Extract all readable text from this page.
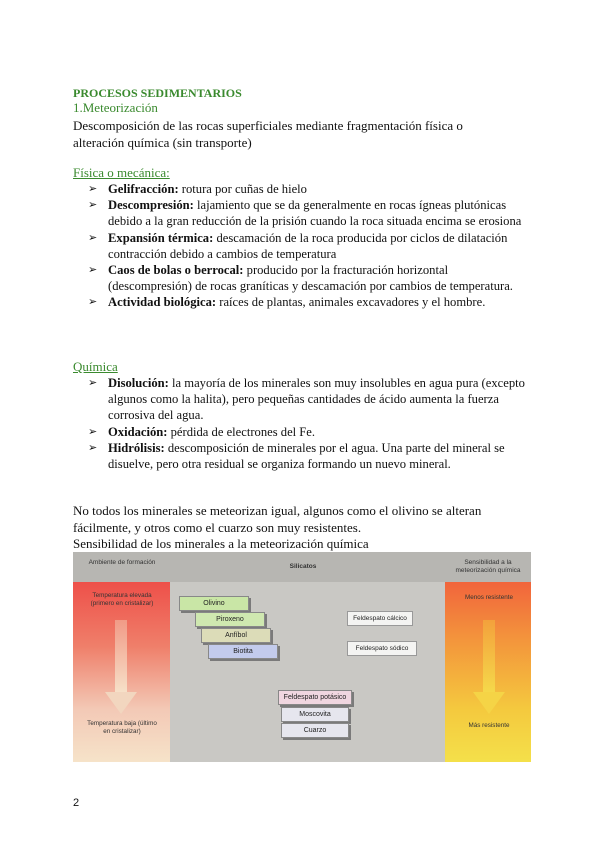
PROCESOS SEDIMENTARIOS
1.Meteorización
Descomposición de las rocas superficiales mediante fragmentación física o
alteración química (sin transporte)
Física o mecánica:
➢ Gelifracción: rotura por cuñas de hielo
➢ Descompresión: lajamiento que se da generalmente en rocas ígneas plutónicas debido a la gran reducción de la prisión cuando la roca situada encima se erosiona
➢ Expansión térmica: descamación de la roca producida por ciclos de dilatación contracción debido a cambios de temperatura
➢ Caos de bolas o berrocal: producido por la fracturación horizontal (descompresión) de rocas graníticas y descamación por cambios de temperatura.
➢ Actividad biológica: raíces de plantas, animales excavadores y el hombre.
Química
➢ Disolución: la mayoría de los minerales son muy insolubles en agua pura (excepto algunos como la halita), pero pequeñas cantidades de ácido aumenta la fuerza corrosiva del agua.
➢ Oxidación: pérdida de electrones del Fe.
➢ Hidrólisis: descomposición de minerales por el agua. Una parte del mineral se disuelve, pero otra residual se organiza formando un nuevo mineral.
No todos los minerales se meteorizan igual, algunos como el olivino se alteran
fácilmente, y otros como el cuarzo son muy resistentes.
Sensibilidad de los minerales a la meteorización química
Ambiente de formación
Silicatos
Sensibilidad a la meteorización química
Temperatura elevada (primero en cristalizar)
Temperatura baja (último en cristalizar)
Menos resistente
Más resistente
Olivino
Piroxeno
Anfíbol
Biotita
Feldespato cálcico
Feldespato sódico
Feldespato potásico
Moscovita
Cuarzo
2
